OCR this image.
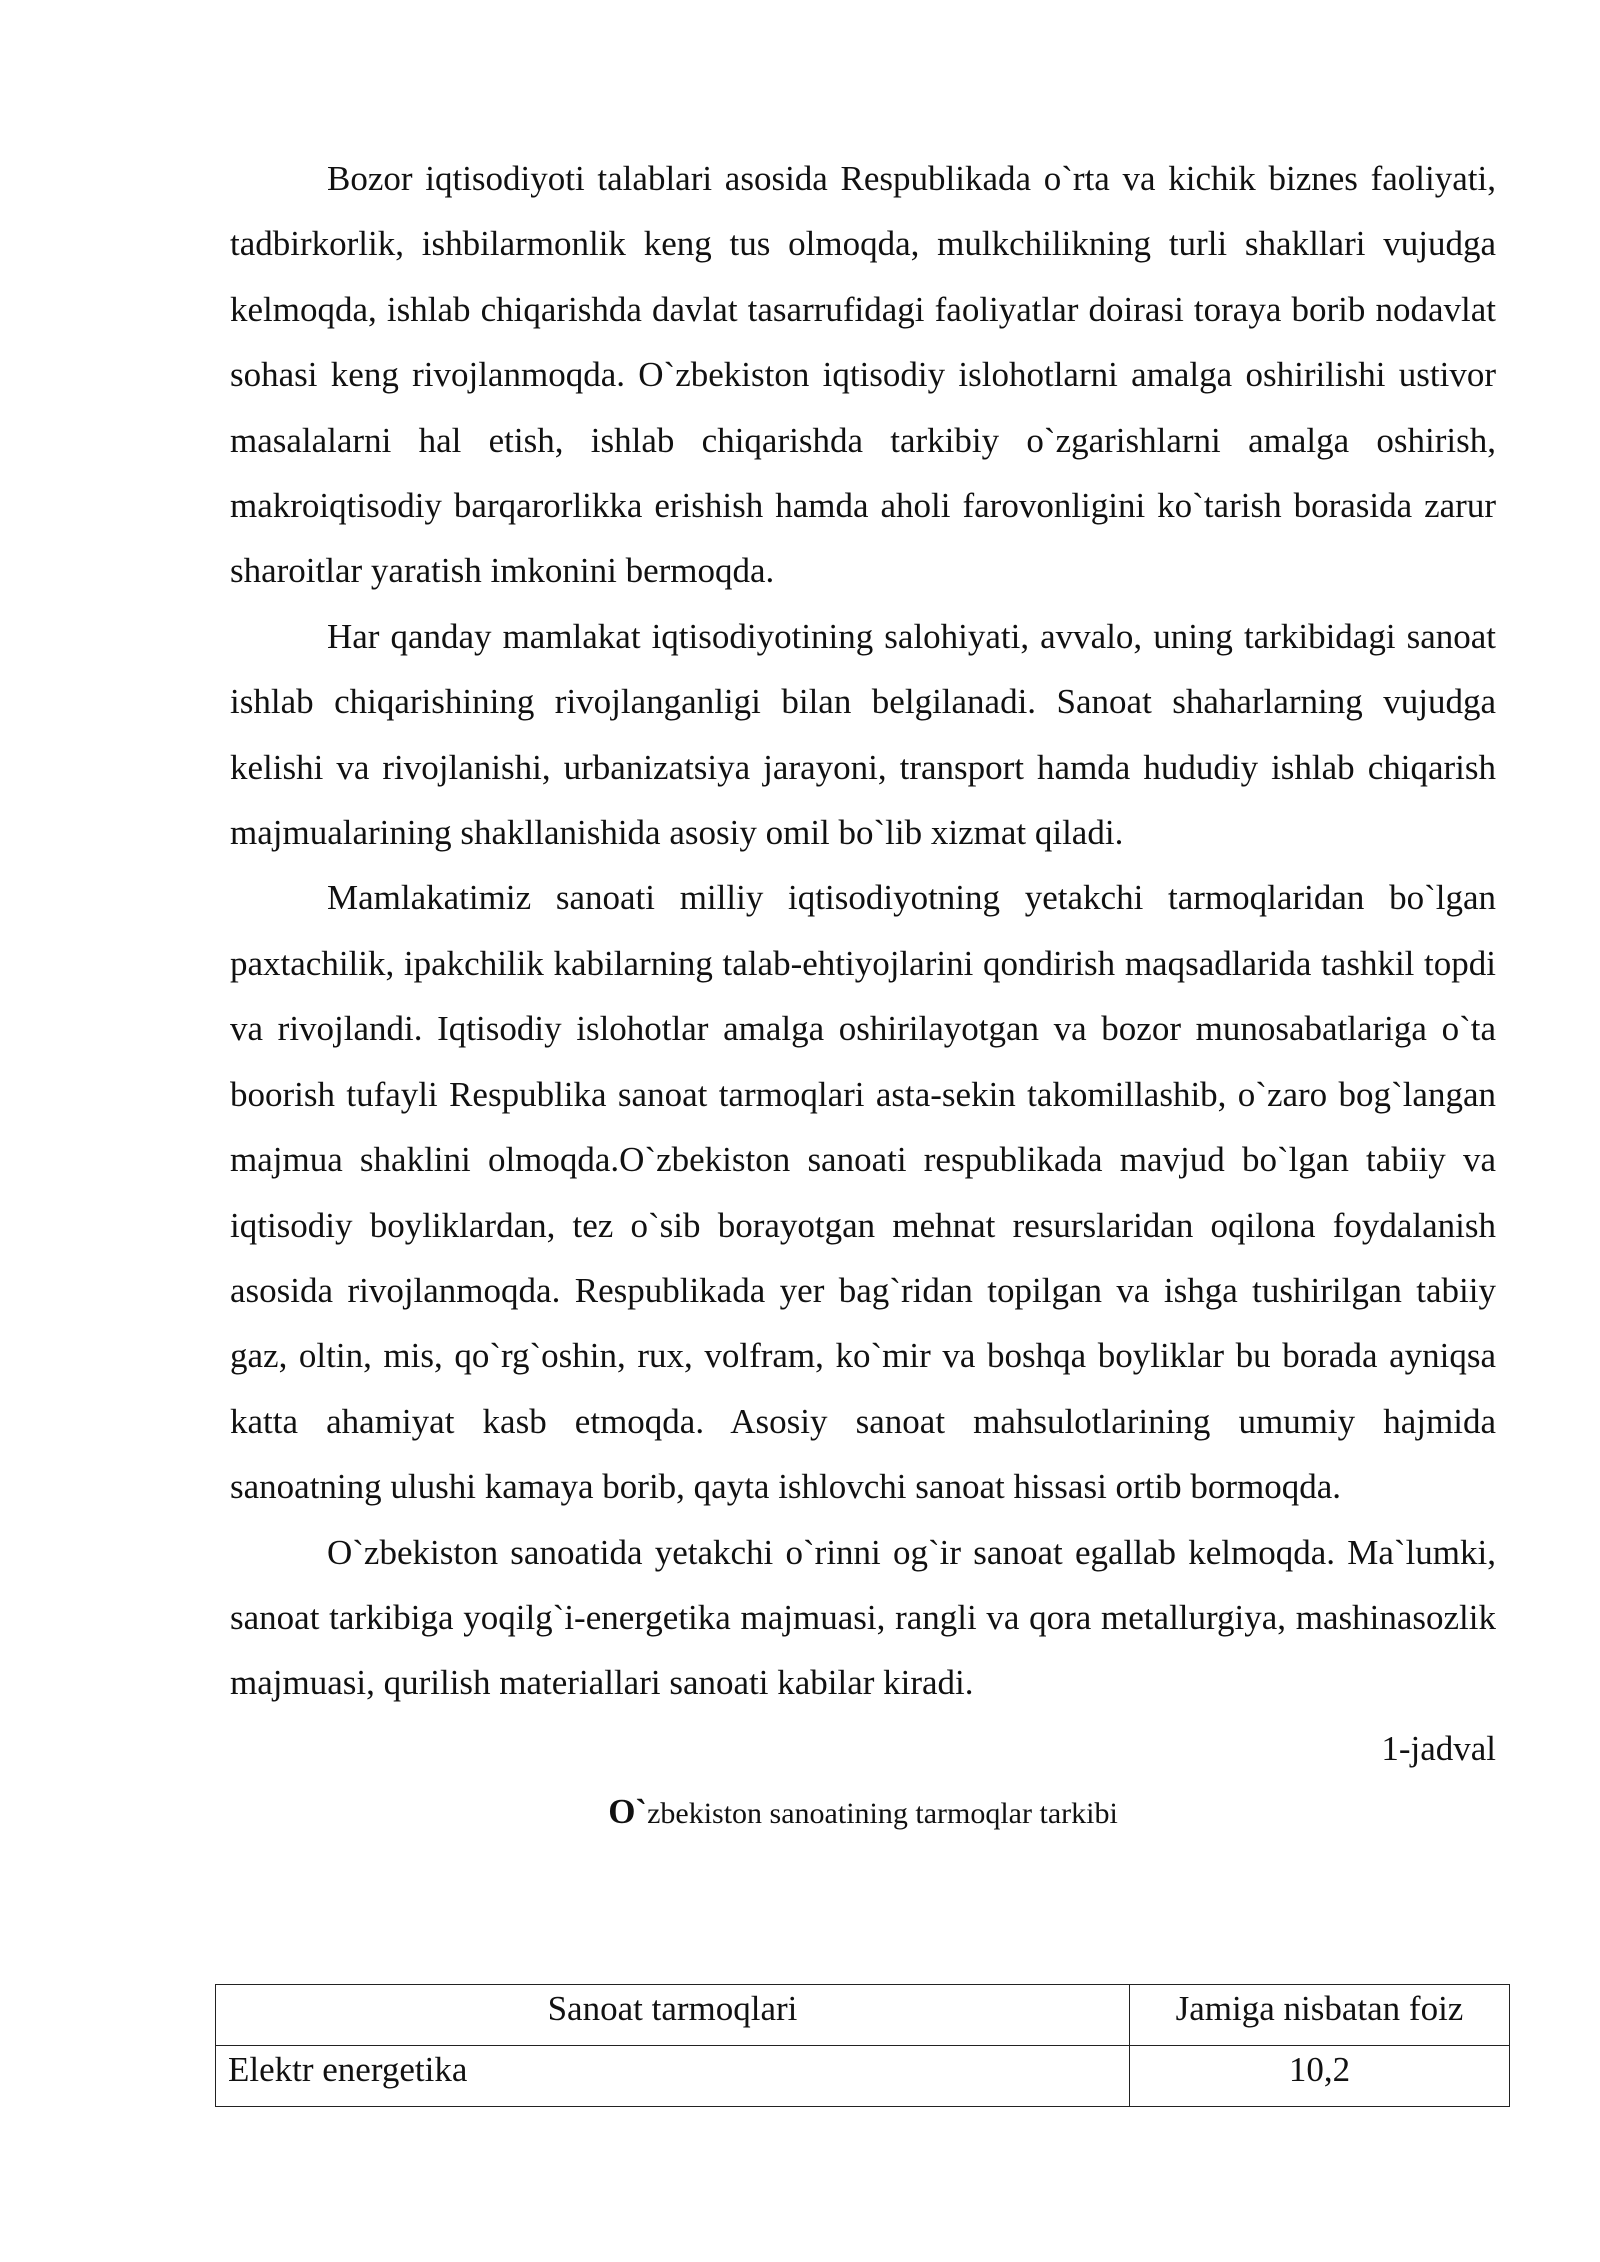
Bozor iqtisodiyoti talablari asosida Respublikada o`rta va kichik biznes faoliyati, tadbirkorlik, ishbilarmonlik keng tus olmoqda, mulkchilikning turli shakllari vujudga kelmoqda, ishlab chiqarishda davlat tasarrufidagi faoliyatlar doirasi toraya borib nodavlat sohasi keng rivojlanmoqda. O`zbekiston iqtisodiy islohotlarni amalga oshirilishi ustivor masalalarni hal etish, ishlab chiqarishda tarkibiy o`zgarishlarni amalga oshirish, makroiqtisodiy barqarorlikka erishish hamda aholi farovonligini ko`tarish borasida zarur sharoitlar yaratish imkonini bermoqda.

Har qanday mamlakat iqtisodiyotining salohiyati, avvalo, uning tarkibidagi sanoat ishlab chiqarishining rivojlanganligi bilan belgilanadi. Sanoat shaharlarning vujudga kelishi va rivojlanishi, urbanizatsiya jarayoni, transport hamda hududiy ishlab chiqarish majmualarining shakllanishida asosiy omil bo`lib xizmat qiladi.

Mamlakatimiz sanoati milliy iqtisodiyotning yetakchi tarmoqlaridan bo`lgan paxtachilik, ipakchilik kabilarning talab-ehtiyojlarini qondirish maqsadlarida tashkil topdi va rivojlandi. Iqtisodiy islohotlar amalga oshirilayotgan va bozor munosabatlariga o`ta boorish tufayli Respublika sanoat tarmoqlari asta-sekin takomillashib, o`zaro bog`langan majmua shaklini olmoqda.O`zbekiston sanoati respublikada mavjud bo`lgan tabiiy va iqtisodiy boyliklardan, tez o`sib borayotgan mehnat resurslaridan oqilona foydalanish asosida rivojlanmoqda. Respublikada yer bag`ridan topilgan va ishga tushirilgan tabiiy gaz, oltin, mis, qo`rg`oshin, rux, volfram, ko`mir va boshqa boyliklar bu borada ayniqsa katta ahamiyat kasb etmoqda. Asosiy sanoat mahsulotlarining umumiy hajmida sanoatning ulushi kamaya borib, qayta ishlovchi sanoat hissasi ortib bormoqda.

O`zbekiston sanoatida yetakchi o`rinni og`ir sanoat egallab kelmoqda. Ma`lumki, sanoat tarkibiga yoqilg`i-energetika majmuasi, rangli va qora metallurgiya, mashinasozlik majmuasi, qurilish materiallari sanoati kabilar kiradi.

1-jadval

O`zbekiston sanoatining tarmoqlar tarkibi

Sanoat tarmoqlari	Jamiga nisbatan foiz
Elektr energetika	10,2
